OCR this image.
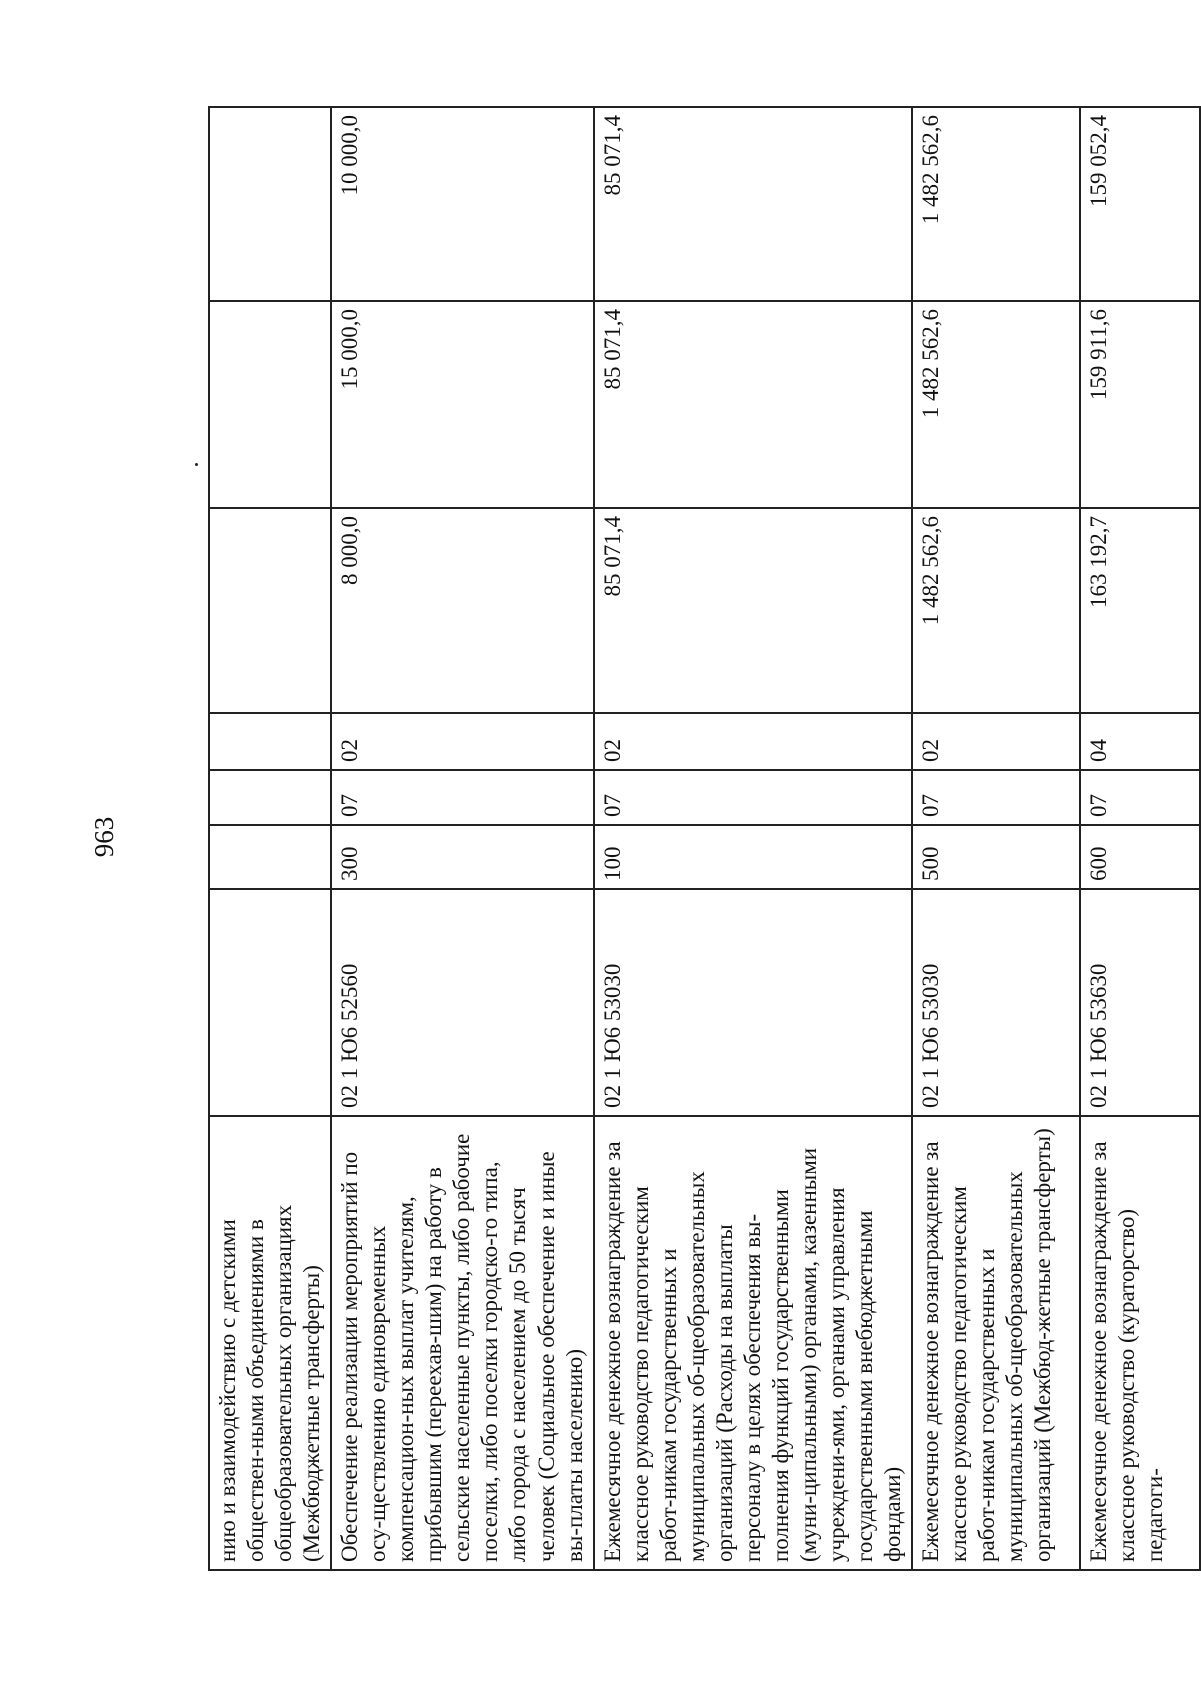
963
нию и взаимодействию с детскими обществен-ными объединениями в общеобразовательных организациях (Межбюджетные трансферты)							
Обеспечение реализации мероприятий по осу-ществлению единовременных компенсацион-ных выплат учителям, прибывшим (переехав-шим) на работу в сельские населенные пункты, либо рабочие поселки, либо поселки городско-го типа, либо города с населением до 50 тысяч человек (Социальное обеспечение и иные вы-платы населению)	02 1 Ю6 52560	300	07	02	8 000,0	15 000,0	10 000,0
Ежемесячное денежное вознаграждение за классное руководство педагогическим работ-никам государственных и муниципальных об-щеобразовательных организаций (Расходы на выплаты персоналу в целях обеспечения вы-полнения функций государственными (муни-ципальными) органами, казенными учреждени-ями, органами управления государственными внебюджетными фондами)	02 1 Ю6 53030	100	07	02	85 071,4	85 071,4	85 071,4
Ежемесячное денежное вознаграждение за классное руководство педагогическим работ-никам государственных и муниципальных об-щеобразовательных организаций (Межбюд-жетные трансферты)	02 1 Ю6 53030	500	07	02	1 482 562,6	1 482 562,6	1 482 562,6
Ежемесячное денежное вознаграждение за классное руководство (кураторство) педагоги-	02 1 Ю6 53630	600	07	04	163 192,7	159 911,6	159 052,4
